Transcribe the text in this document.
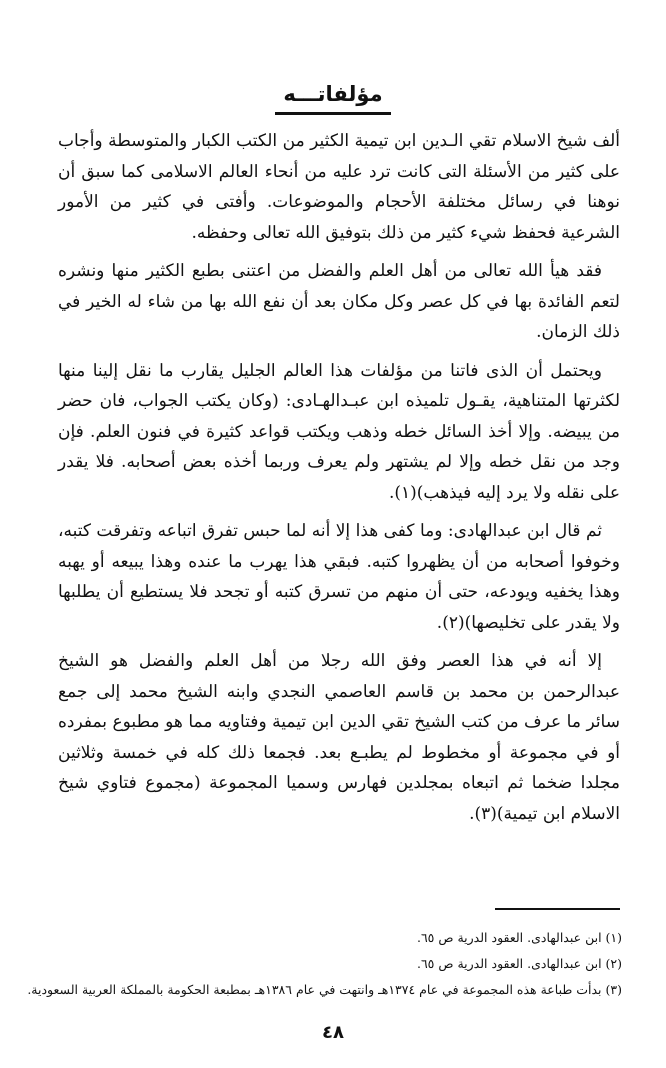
مؤلفاتـــه

ألف شيخ الاسلام تقي الـدين ابن تيمية الكثير من الكتب الكبار والمتوسطة وأجاب على كثير من الأسئلة التى كانت ترد عليه من أنحاء العالم الاسلامى كما سبق أن نوهنا في رسائل مختلفة الأحجام والموضوعات. وأفتى في كثير من الأمور الشرعية فحفظ شيء كثير من ذلك بتوفيق الله تعالى وحفظه.

فقد هيأ الله تعالى من أهل العلم والفضل من اعتنى بطبع الكثير منها ونشره لتعم الفائدة بها في كل عصر وكل مكان بعد أن نفع الله بها من شاء له الخير في ذلك الزمان.

ويحتمل أن الذى فاتنا من مؤلفات هذا العالم الجليل يقارب ما نقل إلينا منها لكثرتها المتناهية، يقـول تلميذه ابن عبـدالهـادى: (وكان يكتب الجواب، فان حضر من يبيضه. وإلا أخذ السائل خطه وذهب ويكتب قواعد كثيرة في فنون العلم. فإن وجد من نقل خطه وإلا لم يشتهر ولم يعرف وربما أخذه بعض أصحابه. فلا يقدر على نقله ولا يرد إليه فيذهب)(١).

ثم قال ابن عبدالهادى: وما كفى هذا إلا أنه لما حبس تفرق اتباعه وتفرقت كتبه، وخوفوا أصحابه من أن يظهروا كتبه. فبقي هذا يهرب ما عنده وهذا يبيعه أو يهبه وهذا يخفيه ويودعه، حتى أن منهم من تسرق كتبه أو تجحد فلا يستطيع أن يطلبها ولا يقدر على تخليصها)(٢).

إلا أنه في هذا العصر وفق الله رجلا من أهل العلم والفضل هو الشيخ عبدالرحمن بن محمد بن قاسم العاصمي النجدي وابنه الشيخ محمد إلى جمع سائر ما عرف من كتب الشيخ تقي الدين ابن تيمية وفتاويه مما هو مطبوع بمفرده أو في مجموعة أو مخطوط لم يطبـع بعد. فجمعا ذلك كله في خمسة وثلاثين مجلدا ضخما ثم اتبعاه بمجلدين فهارس وسميا المجموعة (مجموع فتاوي شيخ الاسلام ابن تيمية)(٣).

(١) ابن عبدالهادى. العقود الدرية ص ٦٥.
(٢) ابن عبدالهادى. العقود الدرية ص ٦٥.
(٣) بدأت طباعة هذه المجموعة في عام ١٣٧٤هـ وانتهت في عام ١٣٨٦هـ بمطبعة الحكومة بالمملكة العربية السعودية.
٤٨
